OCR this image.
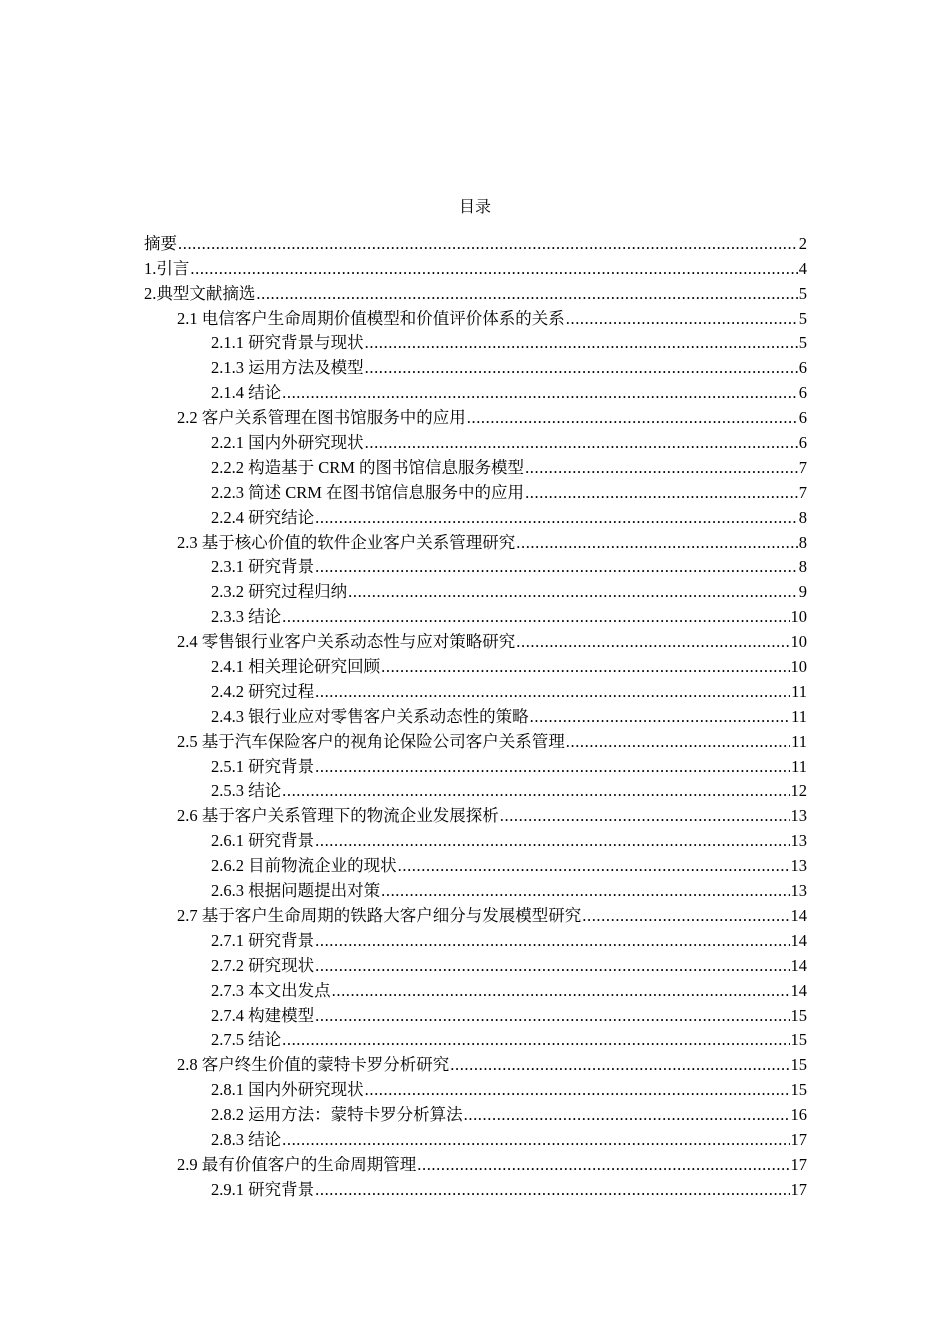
目录
摘要 .....	2
1.引言 .....	4
2.典型文献摘选 .....	5
2.1 电信客户生命周期价值模型和价值评价体系的关系 .....	5
2.1.1 研究背景与现状 .....	5
2.1.3 运用方法及模型 .....	6
2.1.4 结论 .....	6
2.2 客户关系管理在图书馆服务中的应用 .....	6
2.2.1 国内外研究现状 .....	6
2.2.2 构造基于 CRM 的图书馆信息服务模型 .....	7
2.2.3 简述 CRM 在图书馆信息服务中的应用 .....	7
2.2.4 研究结论 .....	8
2.3 基于核心价值的软件企业客户关系管理研究 .....	8
2.3.1 研究背景 .....	8
2.3.2 研究过程归纳 .....	9
2.3.3 结论 .....	10
2.4 零售银行业客户关系动态性与应对策略研究 .....	10
2.4.1 相关理论研究回顾 .....	10
2.4.2 研究过程 .....	11
2.4.3 银行业应对零售客户关系动态性的策略 .....	11
2.5 基于汽车保险客户的视角论保险公司客户关系管理 .....	11
2.5.1 研究背景 .....	11
2.5.3 结论 .....	12
2.6 基于客户关系管理下的物流企业发展探析 .....	13
2.6.1 研究背景 .....	13
2.6.2 目前物流企业的现状 .....	13
2.6.3 根据问题提出对策 .....	13
2.7 基于客户生命周期的铁路大客户细分与发展模型研究 .....	14
2.7.1 研究背景 .....	14
2.7.2 研究现状 .....	14
2.7.3 本文出发点 .....	14
2.7.4 构建模型 .....	15
2.7.5 结论 .....	15
2.8 客户终生价值的蒙特卡罗分析研究 .....	15
2.8.1 国内外研究现状 .....	15
2.8.2 运用方法：蒙特卡罗分析算法 .....	16
2.8.3 结论 .....	17
2.9 最有价值客户的生命周期管理 .....	17
2.9.1 研究背景 .....	17
